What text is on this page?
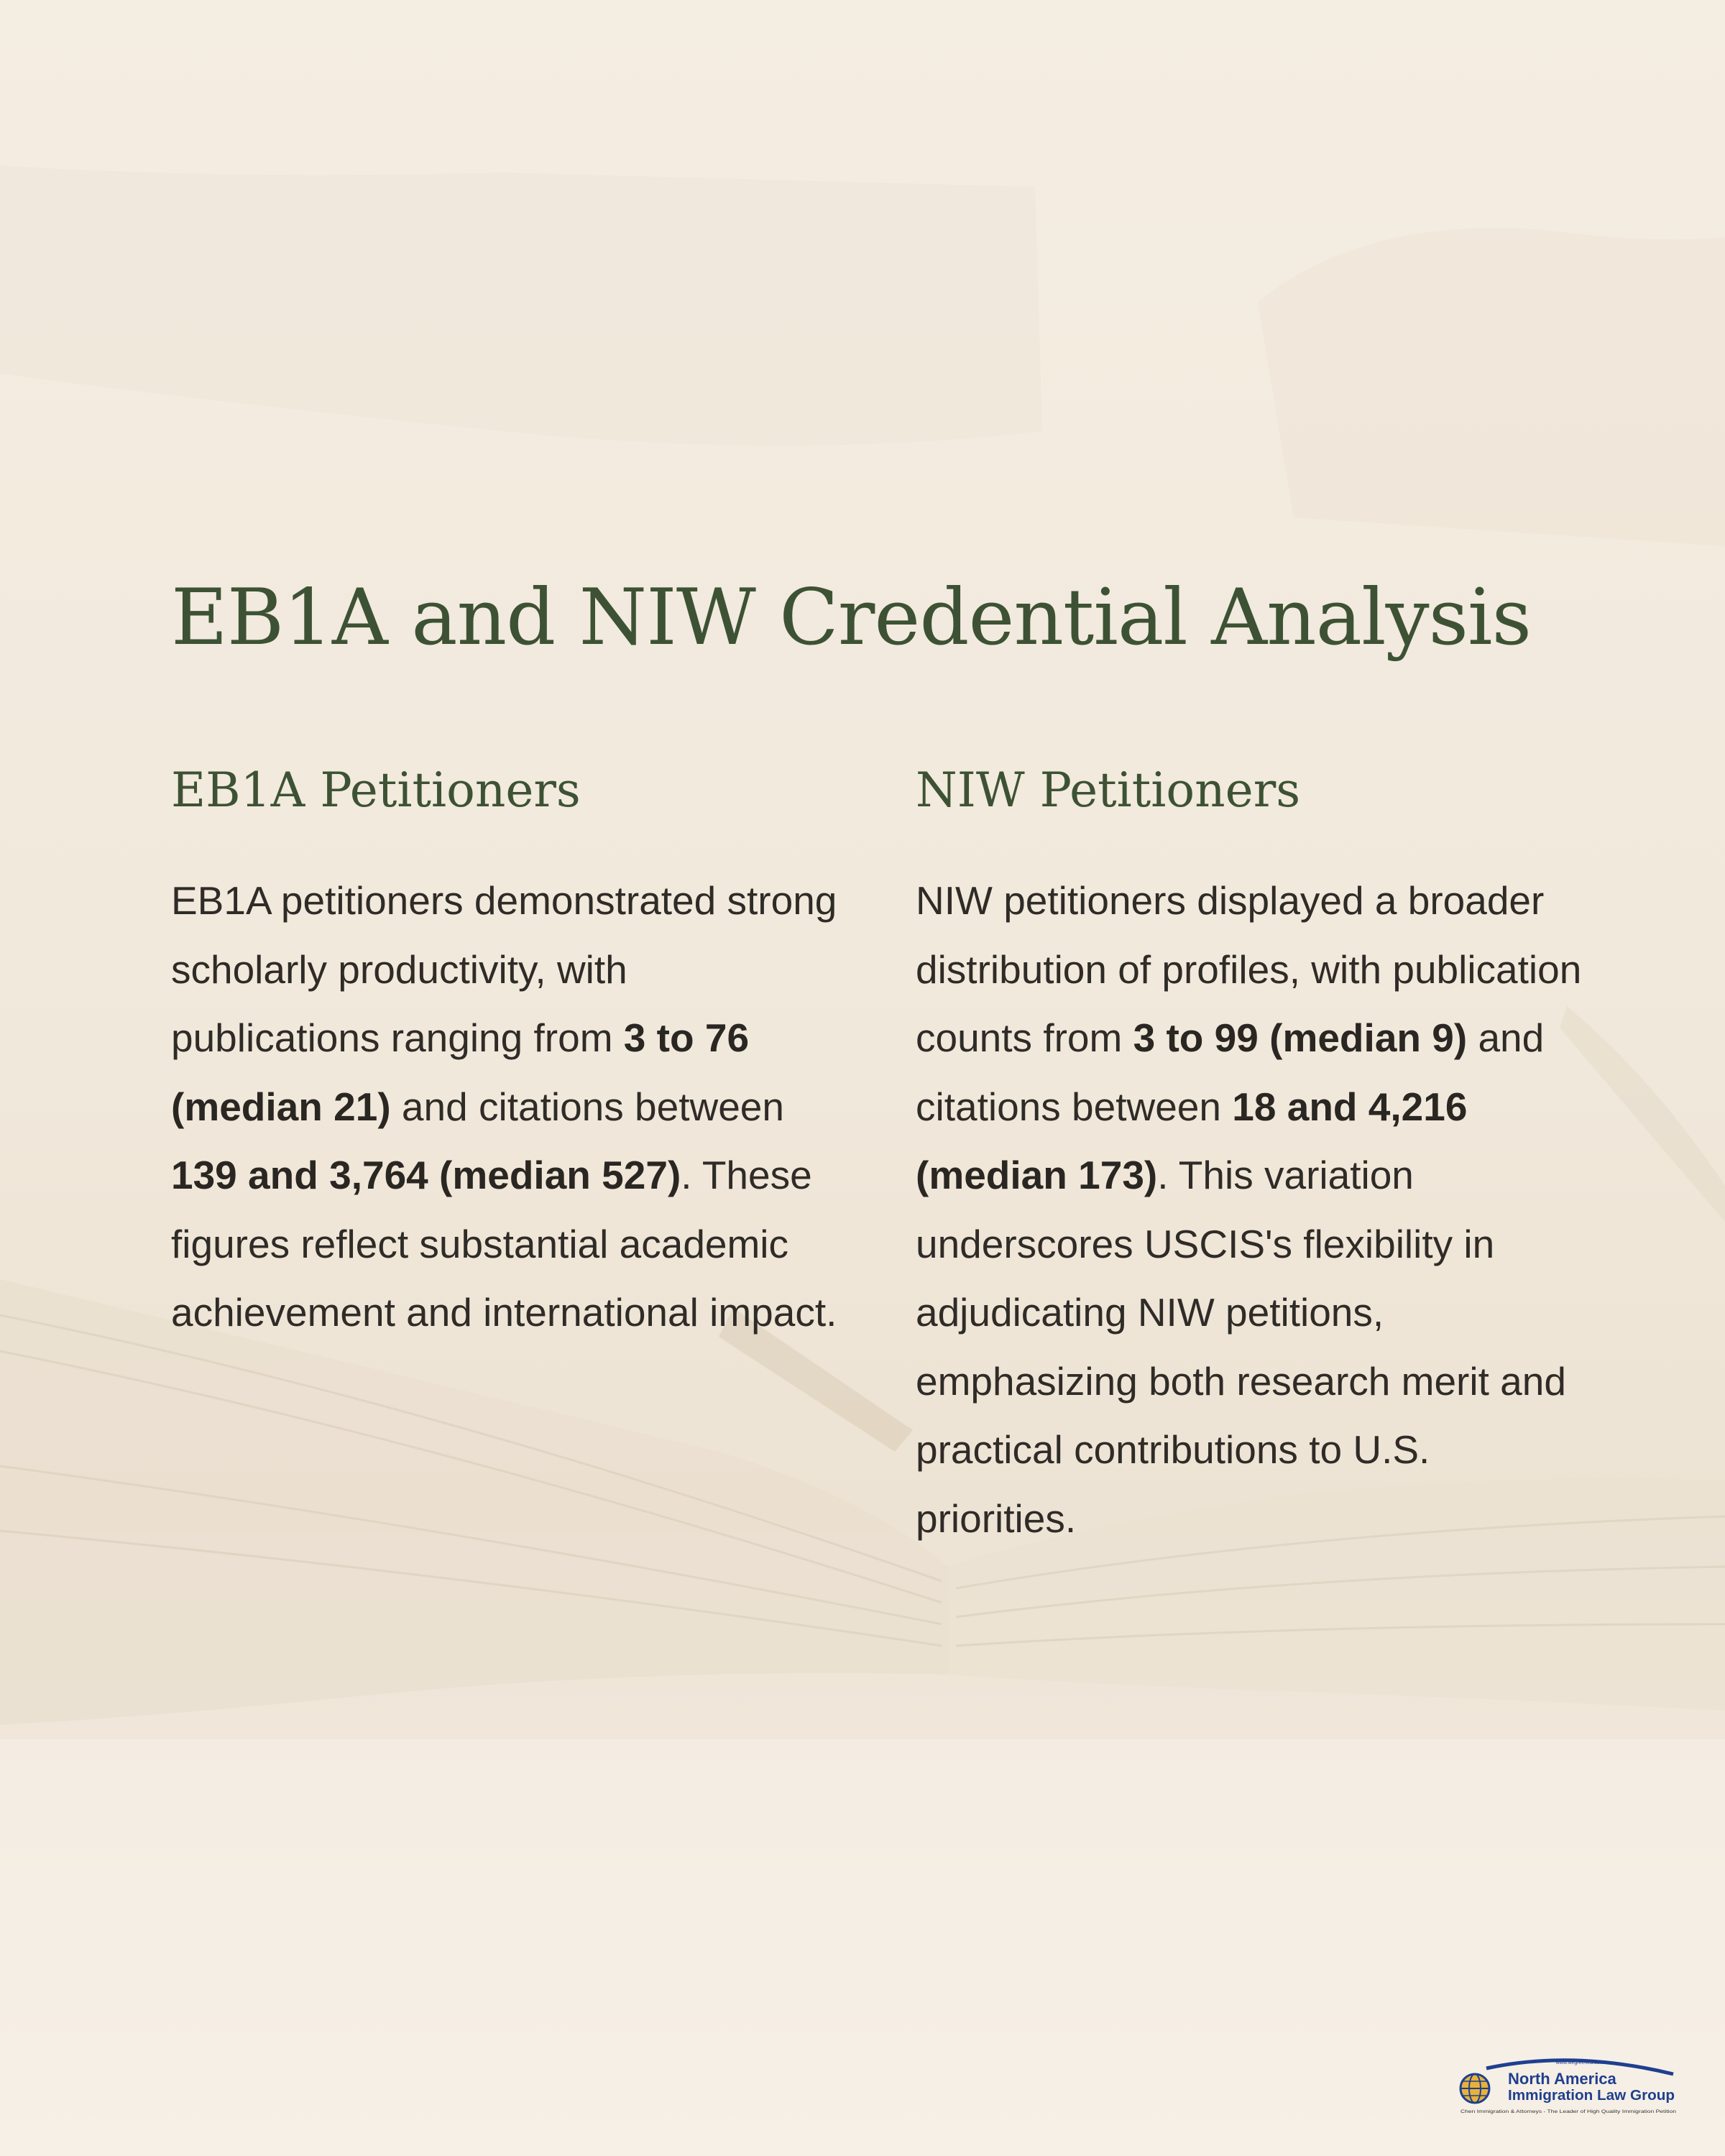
EB1A and NIW Credential Analysis
EB1A Petitioners

EB1A petitioners demonstrated strong scholarly productivity, with publications ranging from 3 to 76 (median 21) and citations between 139 and 3,764 (median 527). These figures reflect substantial academic achievement and international impact.

NIW Petitioners

NIW petitioners displayed a broader distribution of profiles, with publication counts from 3 to 99 (median 9) and citations between 18 and 4,216 (median 173). This variation underscores USCIS's flexibility in adjudicating NIW petitions, emphasizing both research merit and practical contributions to U.S. priorities.

www.wegreened.com
North America
Immigration Law Group
Chen Immigration & Attorneys - The Leader of High Quality Immigration Petition
